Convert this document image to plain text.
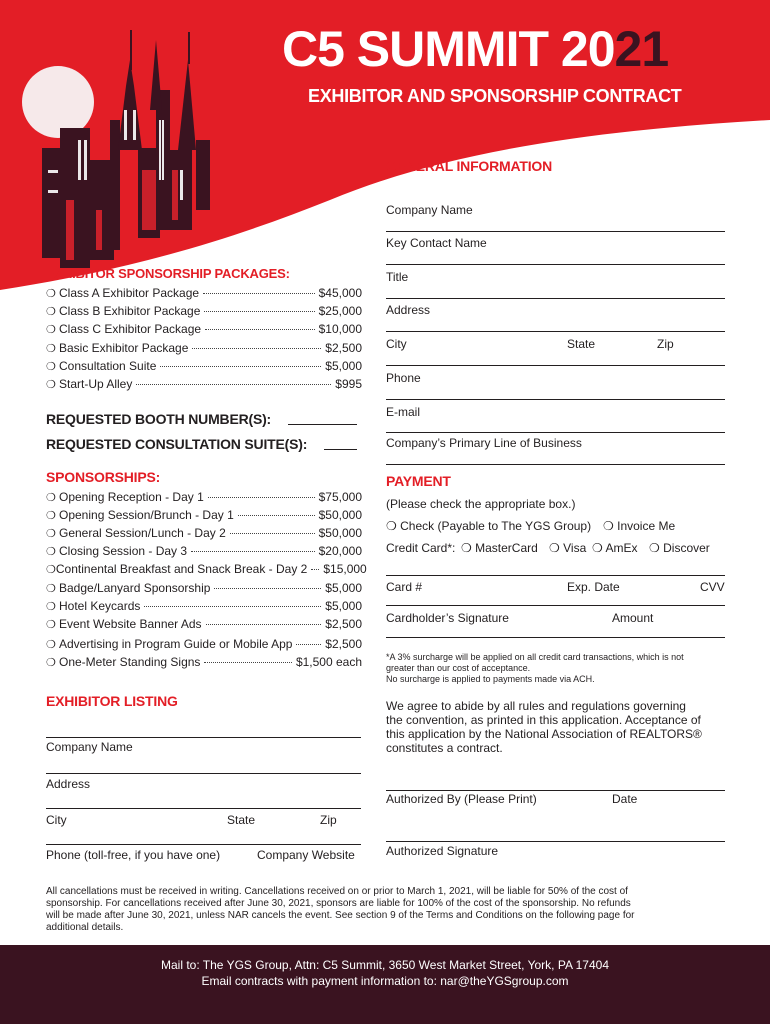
C5 SUMMIT 2021
EXHIBITOR AND SPONSORSHIP CONTRACT
GENERAL INFORMATION
Company Name
Key Contact Name
Title
Address
City	State	Zip
Phone
E-mail
Company’s Primary Line of Business
EXHIBITOR SPONSORSHIP PACKAGES:
❍ Class A Exhibitor Package	$45,000
❍ Class B Exhibitor Package	$25,000
❍ Class C Exhibitor Package	$10,000
❍ Basic Exhibitor Package	$2,500
❍ Consultation Suite	$5,000
❍ Start-Up Alley	$995
REQUESTED BOOTH NUMBER(S):
REQUESTED CONSULTATION SUITE(S):
SPONSORSHIPS:
❍ Opening Reception - Day 1	$75,000
❍ Opening Session/Brunch - Day 1	$50,000
❍ General Session/Lunch - Day 2	$50,000
❍ Closing Session - Day 3	$20,000
❍ Continental Breakfast and Snack Break - Day 2 $15,000
❍ Badge/Lanyard Sponsorship	$5,000
❍ Hotel Keycards	$5,000
❍ Event Website Banner Ads	$2,500
❍ Advertising in Program Guide or Mobile App	$2,500
❍ One-Meter Standing Signs	$1,500 each
PAYMENT
(Please check the appropriate box.)
❍ Check (Payable to The YGS Group) ❍ Invoice Me
Credit Card*: ❍ MasterCard ❍ Visa ❍ AmEx ❍ Discover
Card #	Exp. Date	CVV
Cardholder’s Signature	Amount
*A 3% surcharge will be applied on all credit card transactions, which is not
greater than our cost of acceptance.
No surcharge is applied to payments made via ACH.
We agree to abide by all rules and regulations governing
the convention, as printed in this application. Acceptance of
this application by the National Association of REALTORS®
constitutes a contract.
Authorized By (Please Print)	Date
Authorized Signature
EXHIBITOR LISTING
Company Name
Address
City	State	Zip
Phone (toll-free, if you have one)	Company Website
All cancellations must be received in writing. Cancellations received on or prior to March 1, 2021, will be liable for 50% of the cost of
sponsorship. For cancellations received after June 30, 2021, sponsors are liable for 100% of the cost of the sponsorship. No refunds
will be made after June 30, 2021, unless NAR cancels the event. See section 9 of the Terms and Conditions on the following page for
additional details.
Mail to: The YGS Group, Attn: C5 Summit, 3650 West Market Street, York, PA 17404
Email contracts with payment information to: nar@theYGSgroup.com
